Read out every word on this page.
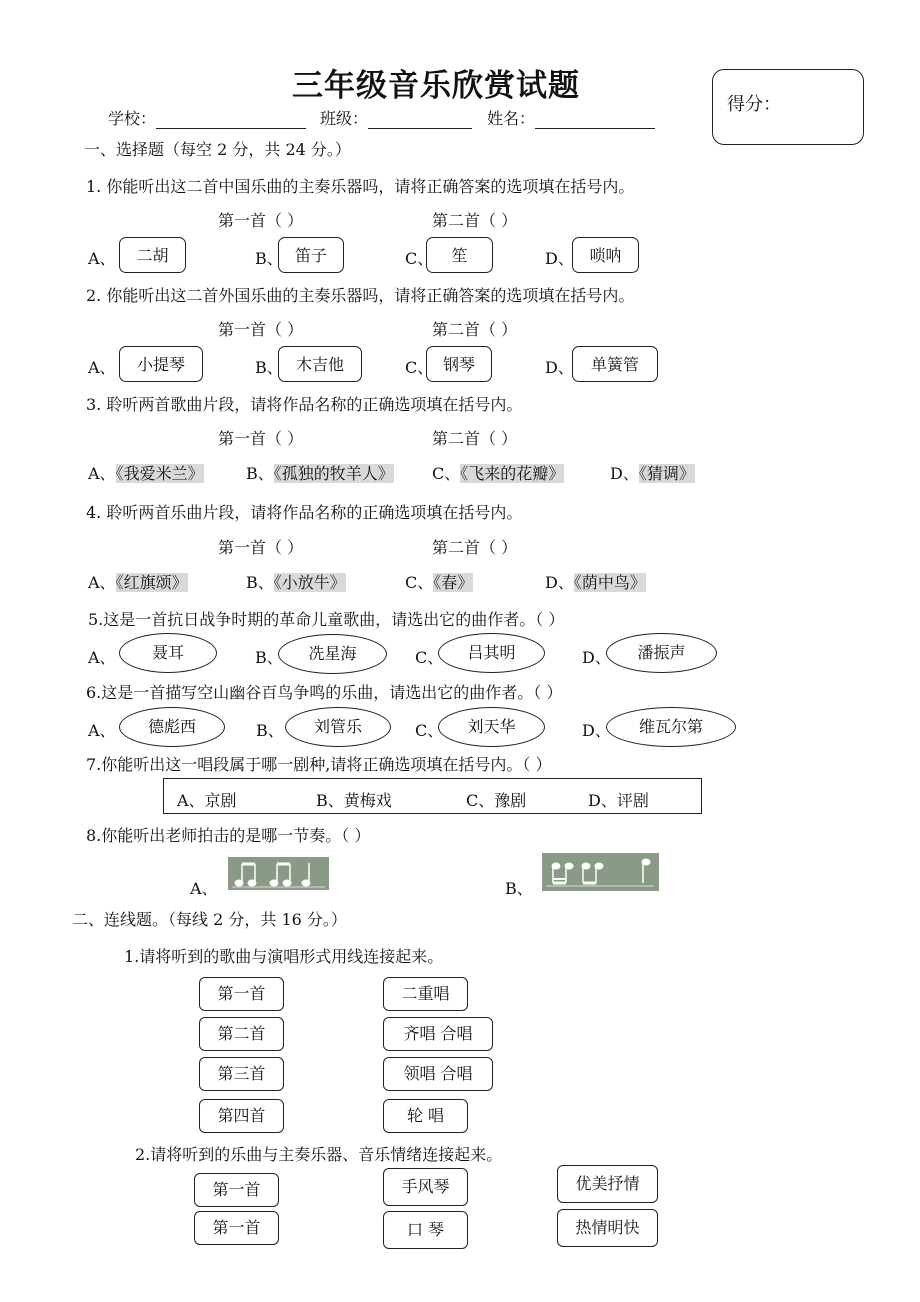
三年级音乐欣赏试题
得分：
学校：	班级：	姓名：
一、选择题（每空 2 分，共 24 分。）
1. 你能听出这二首中国乐曲的主奏乐器吗，请将正确答案的选项填在括号内。
第一首（ ）	第二首（ ）
A、	二胡	B、 笛子	C、	笙	D、 唢呐
2. 你能听出这二首外国乐曲的主奏乐器吗，请将正确答案的选项填在括号内。
第一首（ ）	第二首（ ）
A、	小提琴	B、 木吉他	C、 钢琴	D、	单簧管
3. 聆听两首歌曲片段，请将作品名称的正确选项填在括号内。
第一首（ ）	第二首（ ）
A、《我爱米兰》	B、《孤独的牧羊人》 C、《飞来的花瓣》	D、《猜调》
4. 聆听两首乐曲片段，请将作品名称的正确选项填在括号内。
第一首（ ）	第二首（ ）
A、《红旗颂》	B、《小放牛》	C、《春》	D、《荫中鸟》
5.这是一首抗日战争时期的革命儿童歌曲，请选出它的曲作者。（ ）
A、	聂耳	B、	冼星海	C、	吕其明	D、	潘振声
6.这是一首描写空山幽谷百鸟争鸣的乐曲，请选出它的曲作者。（ ）
A、	德彪西	B、	刘管乐	C、	刘天华	D、	维瓦尔第
7.你能听出这一唱段属于哪一剧种,请将正确选项填在括号内。（ ）
A、京剧	B、黄梅戏	C、豫剧	D、评剧
8.你能听出老师拍击的是哪一节奏。（ ）
A、	B、
二、连线题。（每线 2 分，共 16 分。）
1.请将听到的歌曲与演唱形式用线连接起来。
第一首
第二首
第三首
第四首
二重唱
齐唱 合唱
领唱 合唱
轮 唱
2.请将听到的乐曲与主奏乐器、音乐情绪连接起来。
第一首
第一首
手风琴
口 琴
优美抒情
热情明快
